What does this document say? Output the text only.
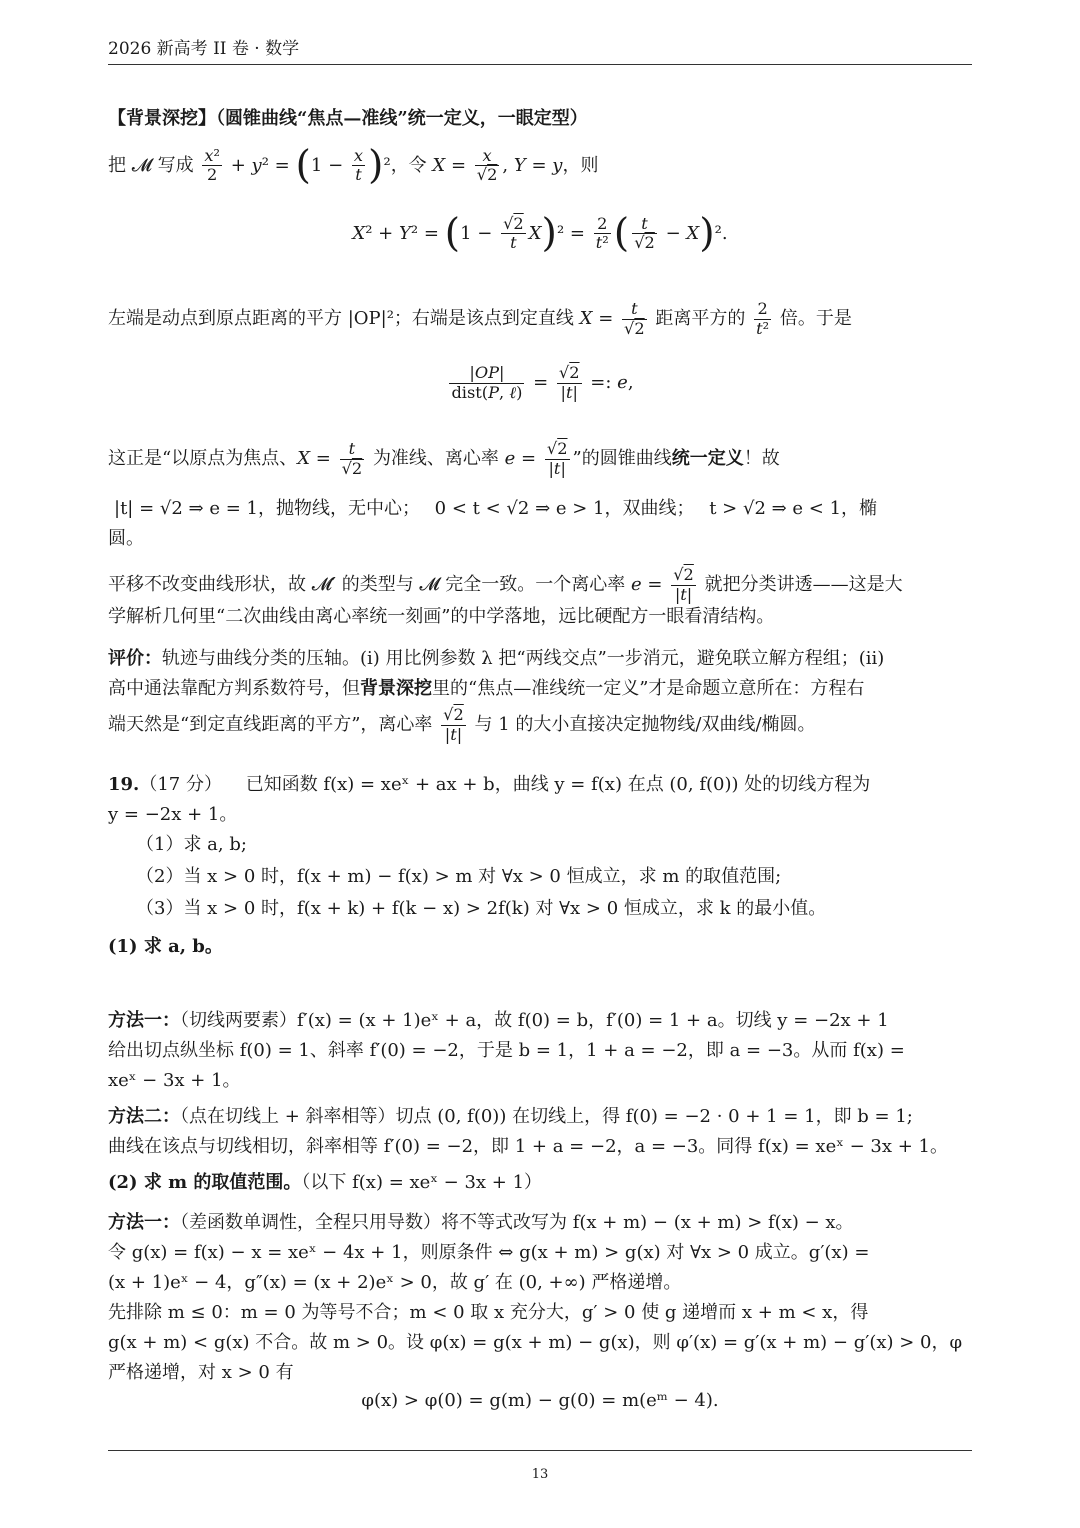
2026 新高考 II 卷 · 数学
【背景深挖】（圆锥曲线“焦点—准线”统一定义，一眼定型）
把 𝓜 写成 $\frac{\text{x²}}{2} + y^2 = (1 - \frac{x}{t} )^2$，令 $X = \frac{x}{√2}$ , Y = y，则
$X^2 + Y^2 = (1 - \frac{√2}{t} X)^2 = \frac{2}{\text{t²}}$ ( $\frac{t}{√2} - X)^2$.
左端是动点到原点距离的平方 |OP|²；右端是该点到定直线 $X = \frac{t}{√2}$ 距离平方的 $\frac{2}{\text{t²}}$ 倍。于是
|OP|
dist(P, ℓ) = $\frac{√2}{|t|}$ =: e,
这正是“以原点为焦点、$X = \frac{t}{√2}$ 为准线、离心率 $e = \frac{√2}{|t|}$ ”的圆锥曲线统一定义！故
|t| = √2 ⇒ e = 1，抛物线，无中心；　 0 < t < √2 ⇒ e > 1，双曲线；　 t > √2 ⇒ e < 1，椭
圆。
平移不改变曲线形状，故 𝓜′ 的类型与 𝓜 完全一致。一个离心率 $e = \frac{√2}{|t|}$ 就把分类讲透——这是大
学解析几何里“二次曲线由离心率统一刻画”的中学落地，远比硬配方一眼看清结构。
评价：轨迹与曲线分类的压轴。(i) 用比例参数 λ 把“两线交点”一步消元，避免联立解方程组；(ii)
高中通法靠配方判系数符号，但背景深挖里的“焦点—准线统一定义”才是命题立意所在：方程右
端天然是“到定直线距离的平方”，离心率 $\frac{√2}{|t|}$ 与 1 的大小直接决定抛物线/双曲线/椭圆。
19.（17 分） 已知函数 f(x) = xeˣ + ax + b，曲线 y = f(x) 在点 (0, f(0)) 处的切线方程为
y = −2x + 1。
（1）求 a, b;
（2）当 x > 0 时，f(x + m) − f(x) > m 对 ∀x > 0 恒成立，求 m 的取值范围;
（3）当 x > 0 时，f(x + k) + f(k − x) > 2f(k) 对 ∀x > 0 恒成立，求 k 的最小值。
(1) 求 a, b。
方法一：（切线两要素）f′(x) = (x + 1)eˣ + a，故 f(0) = b，f′(0) = 1 + a。切线 y = −2x + 1
给出切点纵坐标 f(0) = 1、斜率 f′(0) = −2，于是 b = 1，1 + a = −2，即 a = −3。从而 f(x) =
xeˣ − 3x + 1。
方法二：（点在切线上 + 斜率相等）切点 (0, f(0)) 在切线上，得 f(0) = −2 · 0 + 1 = 1，即 b = 1;
曲线在该点与切线相切，斜率相等 f′(0) = −2，即 1 + a = −2，a = −3。同得 f(x) = xeˣ − 3x + 1。
(2) 求 m 的取值范围。（以下 f(x) = xeˣ − 3x + 1）
方法一：（差函数单调性，全程只用导数）将不等式改写为 f(x + m) − (x + m) > f(x) − x。
令 g(x) = f(x) − x = xeˣ − 4x + 1，则原条件 ⇔ g(x + m) > g(x) 对 ∀x > 0 成立。g′(x) =
(x + 1)eˣ − 4，g″(x) = (x + 2)eˣ > 0，故 g′ 在 (0, +∞) 严格递增。
先排除 m ≤ 0：m = 0 为等号不合；m < 0 取 x 充分大，g′ > 0 使 g 递增而 x + m < x，得
g(x + m) < g(x) 不合。故 m > 0。设 φ(x) = g(x + m) − g(x)，则 φ′(x) = g′(x + m) − g′(x) > 0，φ
严格递增，对 x > 0 有
φ(x) > φ(0) = g(m) − g(0) = m(eᵐ − 4).
13
